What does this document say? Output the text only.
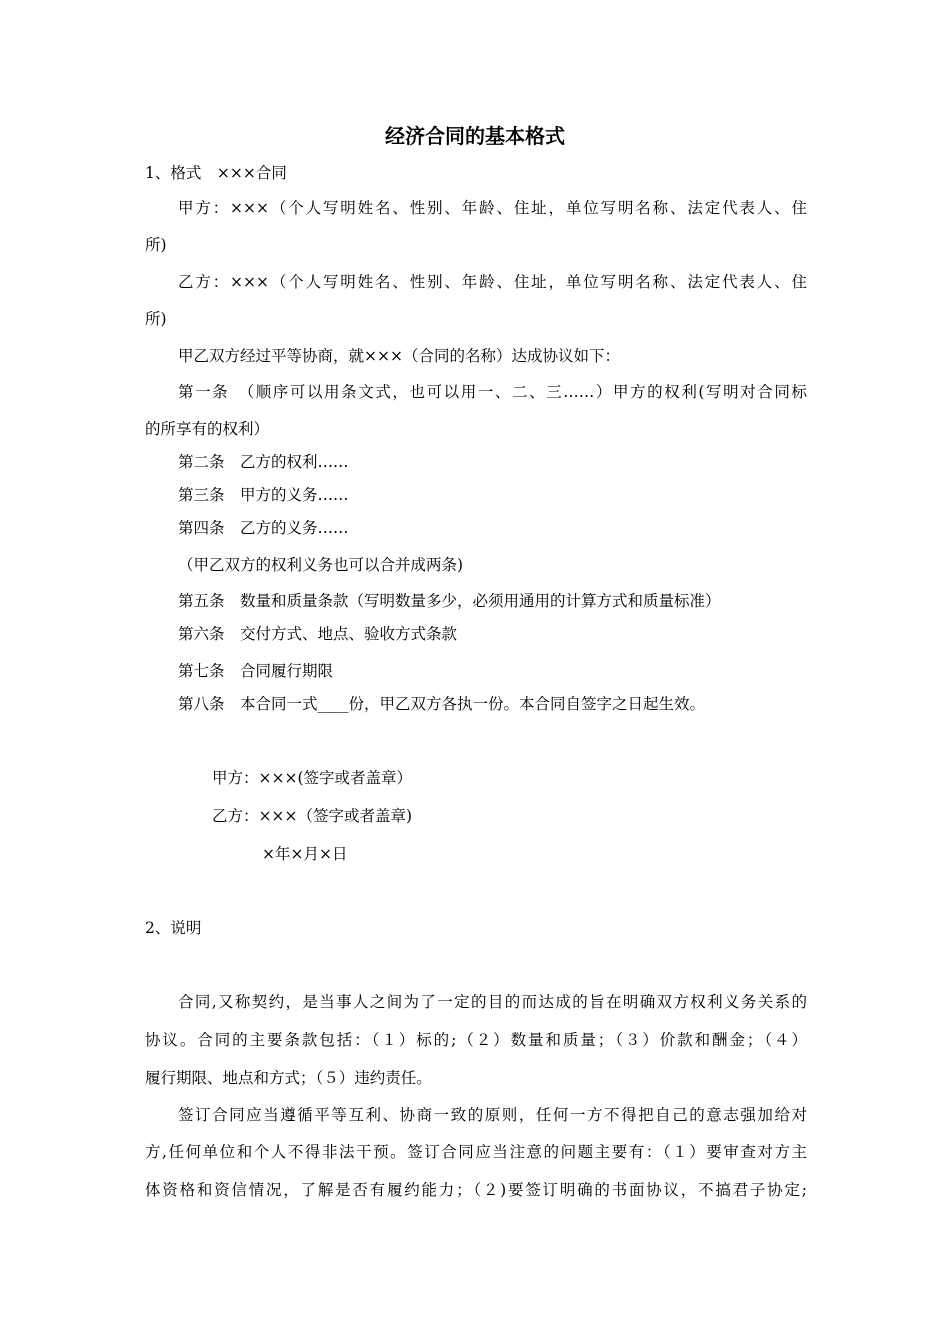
经济合同的基本格式
1、格式　×××合同
甲方：×××（个人写明姓名、性别、年龄、住址，单位写明名称、法定代表人、住
所)
乙方：×××（个人写明姓名、性别、年龄、住址，单位写明名称、法定代表人、住
所)
甲乙双方经过平等协商，就×××（合同的名称）达成协议如下：
第一条　（顺序可以用条文式，也可以用一、二、三……）甲方的权利(写明对合同标
的所享有的权利）
第二条　乙方的权利……
第三条　甲方的义务……
第四条　乙方的义务……
（甲乙双方的权利义务也可以合并成两条)
第五条　数量和质量条款（写明数量多少，必须用通用的计算方式和质量标准）
第六条　交付方式、地点、验收方式条款
第七条　合同履行期限
第八条　本合同一式____份，甲乙双方各执一份。本合同自签字之日起生效。
甲方：×××(签字或者盖章）
乙方：×××（签字或者盖章)
×年×月×日
2、说明
合同,又称契约，是当事人之间为了一定的目的而达成的旨在明确双方权利义务关系的
协议。合同的主要条款包括：（１）标的;（２）数量和质量；（３）价款和酬金；（４）
履行期限、地点和方式；（５）违约责任。
签订合同应当遵循平等互利、协商一致的原则，任何一方不得把自己的意志强加给对
方,任何单位和个人不得非法干预。签订合同应当注意的问题主要有：（１）要审查对方主
体资格和资信情况，了解是否有履约能力；（２)要签订明确的书面协议，不搞君子协定;
